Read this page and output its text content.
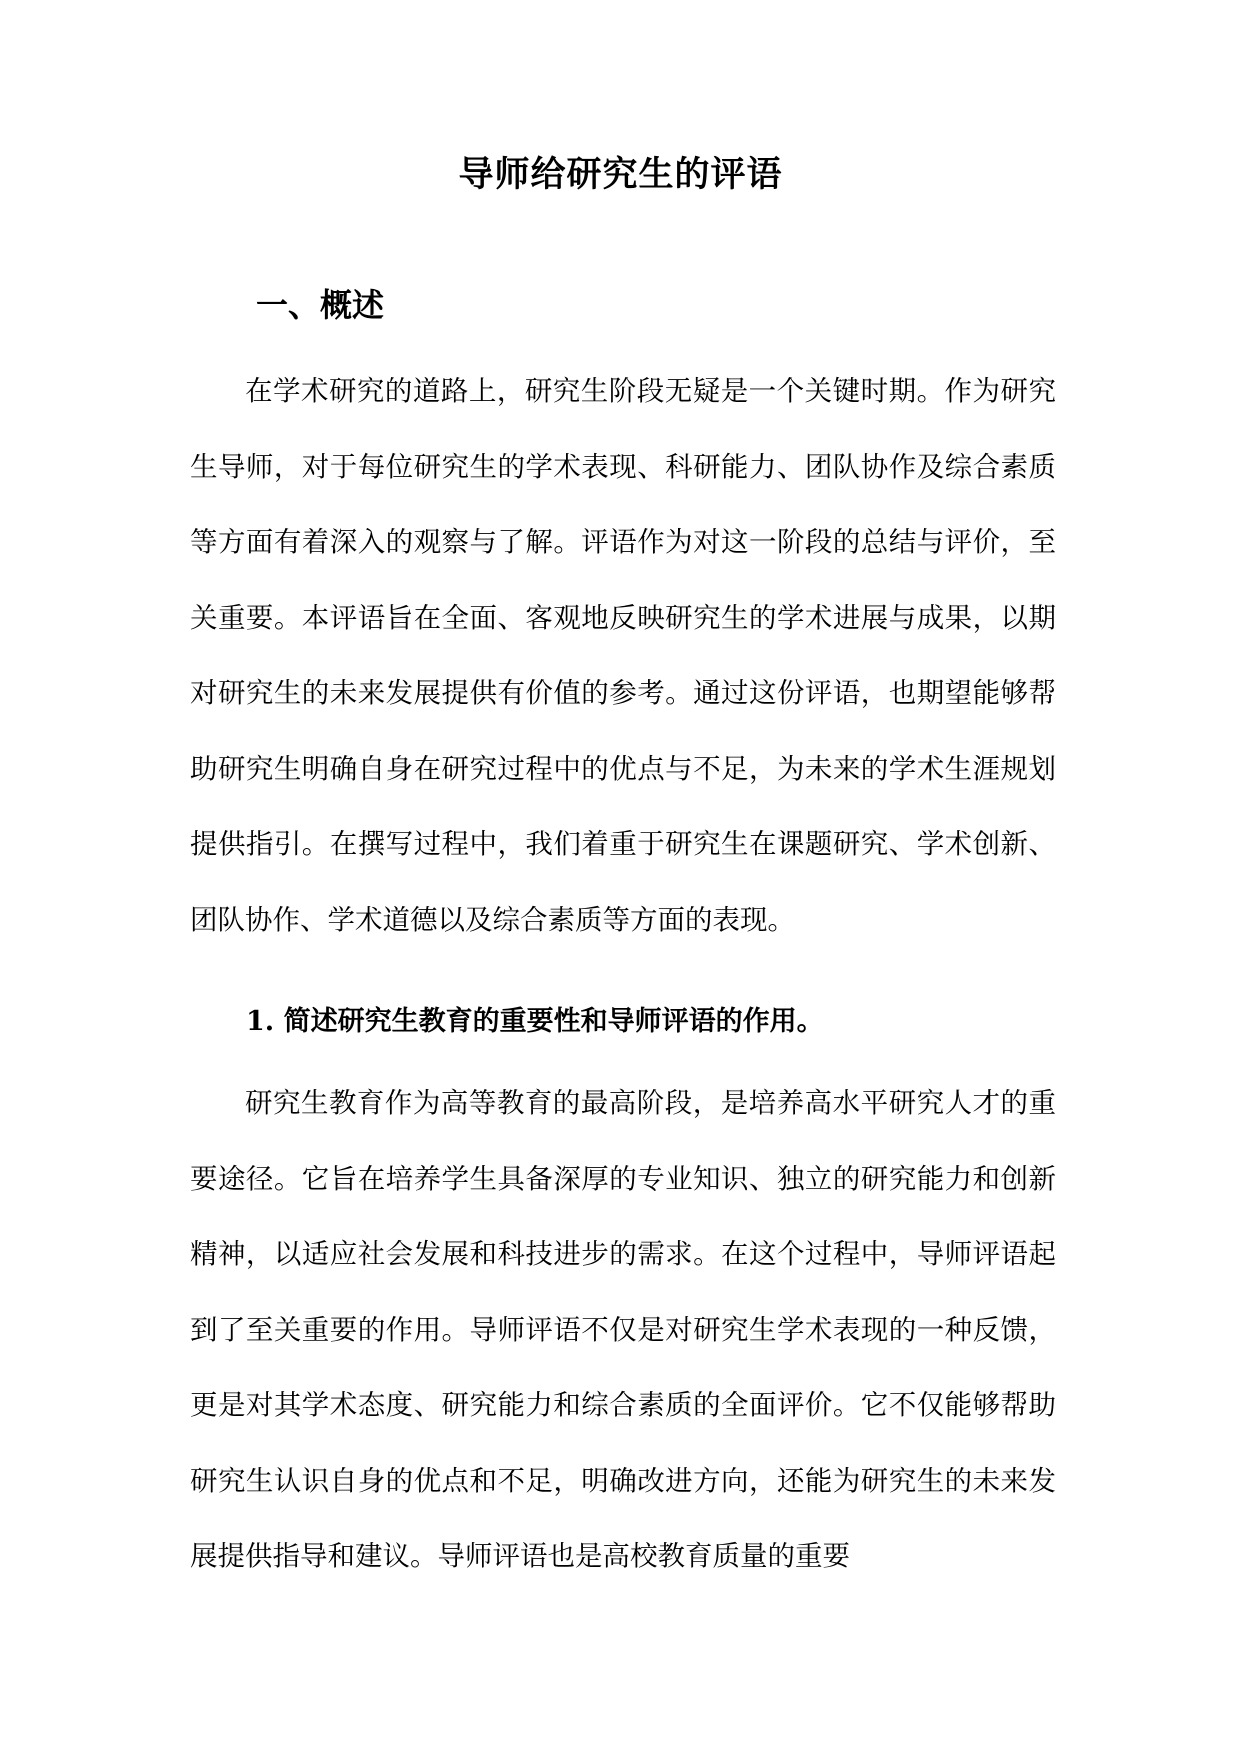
导师给研究生的评语
一、概述

在学术研究的道路上，研究生阶段无疑是一个关键时期。作为研究生导师，对于每位研究生的学术表现、科研能力、团队协作及综合素质等方面有着深入的观察与了解。评语作为对这一阶段的总结与评价，至关重要。本评语旨在全面、客观地反映研究生的学术进展与成果，以期对研究生的未来发展提供有价值的参考。通过这份评语，也期望能够帮助研究生明确自身在研究过程中的优点与不足，为未来的学术生涯规划提供指引。在撰写过程中，我们着重于研究生在课题研究、学术创新、团队协作、学术道德以及综合素质等方面的表现。

1. 简述研究生教育的重要性和导师评语的作用。

研究生教育作为高等教育的最高阶段，是培养高水平研究人才的重要途径。它旨在培养学生具备深厚的专业知识、独立的研究能力和创新精神，以适应社会发展和科技进步的需求。在这个过程中，导师评语起到了至关重要的作用。导师评语不仅是对研究生学术表现的一种反馈，更是对其学术态度、研究能力和综合素质的全面评价。它不仅能够帮助研究生认识自身的优点和不足，明确改进方向，还能为研究生的未来发展提供指导和建议。导师评语也是高校教育质量的重要
